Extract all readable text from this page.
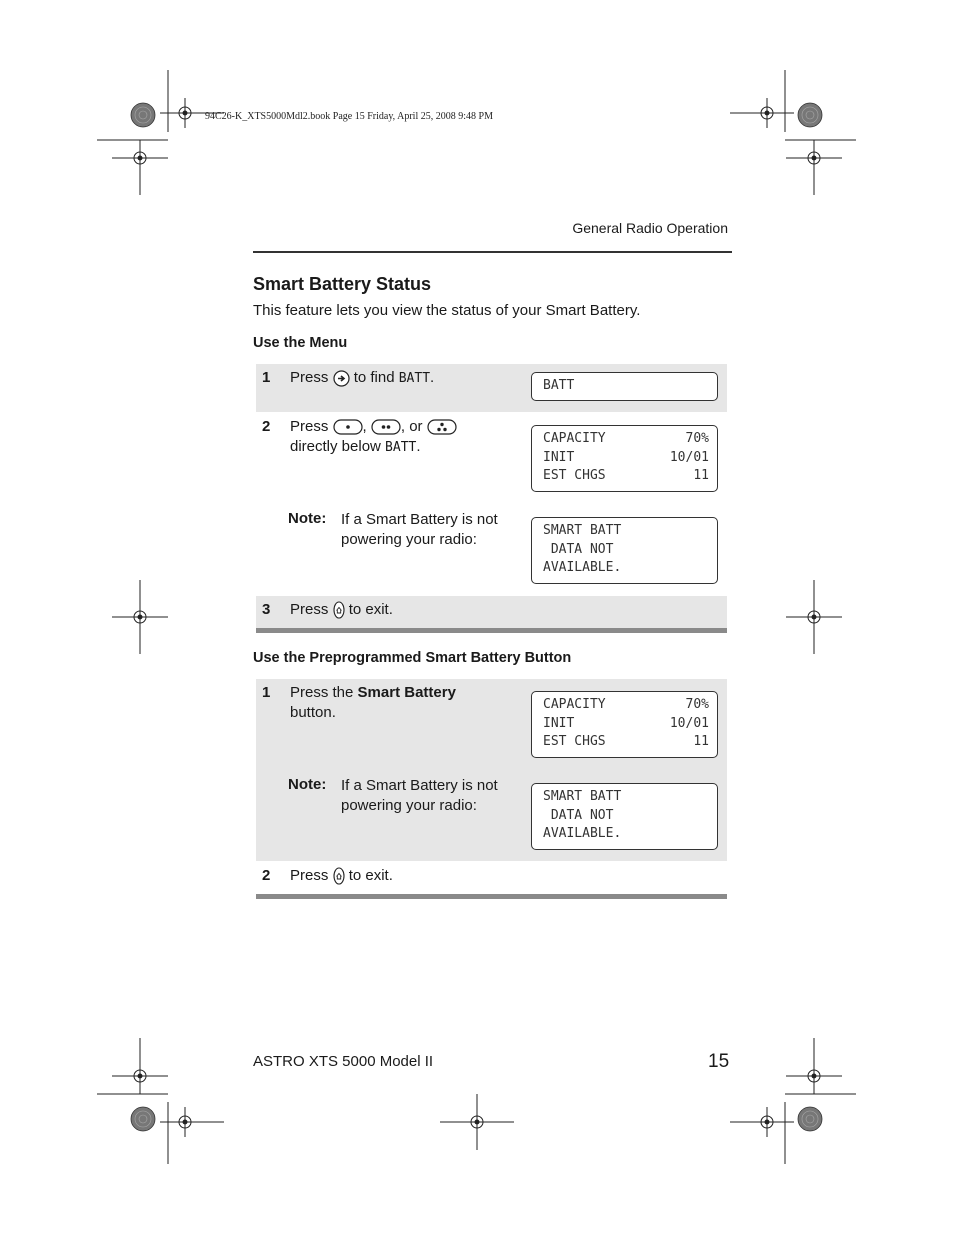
94C26-K_XTS5000Mdl2.book Page 15 Friday, April 25, 2008 9:48 PM
General Radio Operation
Smart Battery Status
This feature lets you view the status of your Smart Battery.
Use the Menu
1 Press to find BATT.	BATT
2 Press , , or
directly below BATT.	CAPACITY	70%
INIT	10/01
EST CHGS	11
Note: If a Smart Battery is not powering your radio:
SMART BATT
DATA NOT
AVAILABLE.
3 Press to exit.
Use the Preprogrammed Smart Battery Button
1 Press the Smart Battery
button.	CAPACITY	70%
INIT	10/01
EST CHGS	11
Note: If a Smart Battery is not powering your radio:
SMART BATT
DATA NOT
AVAILABLE.
2 Press to exit.
ASTRO XTS 5000 Model II	15
